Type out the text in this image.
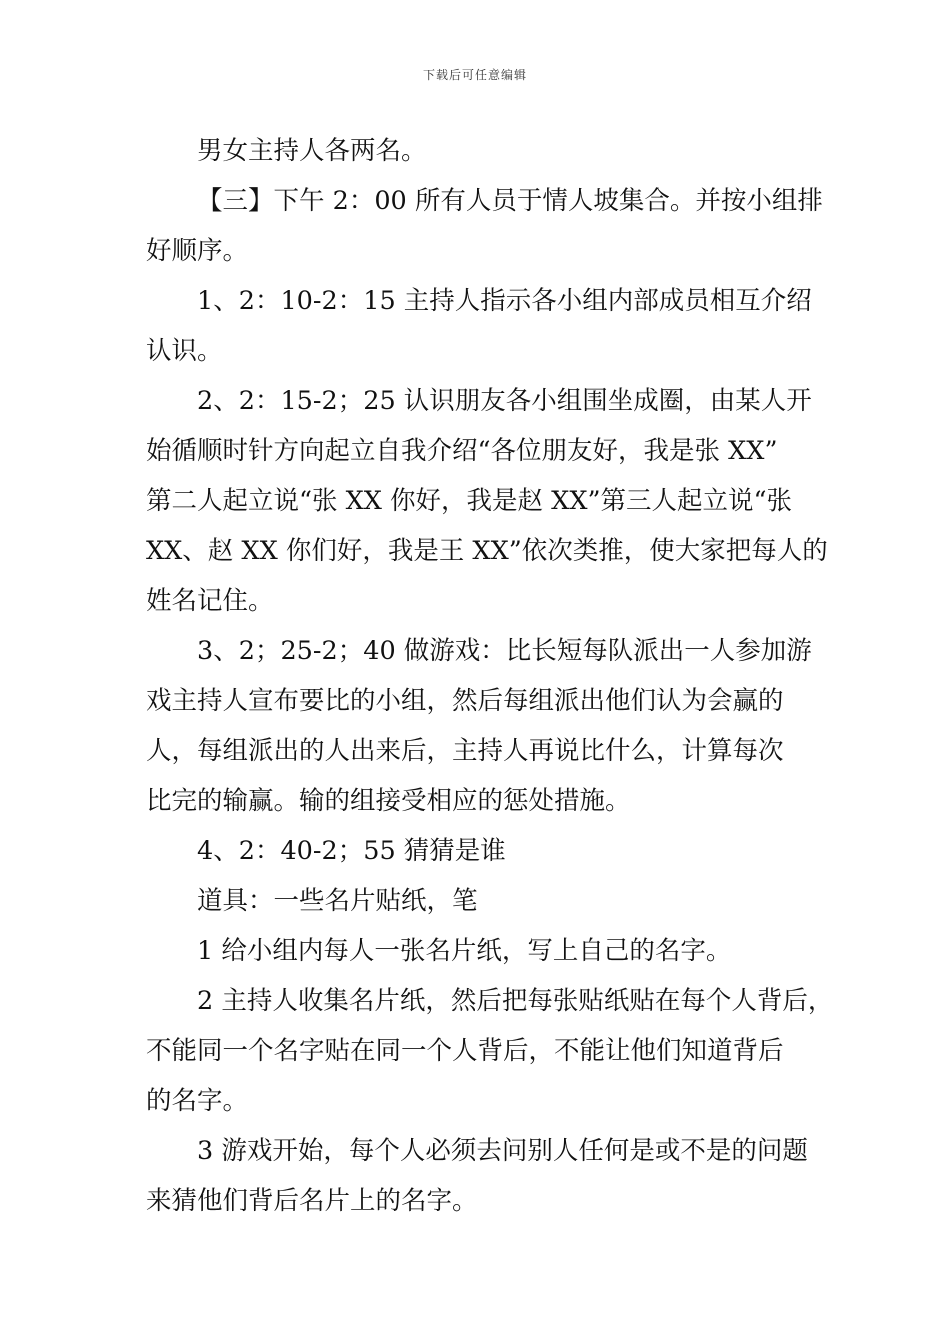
下载后可任意编辑
男女主持人各两名。
【三】下午 2：00 所有人员于情人坡集合。并按小组排
好顺序。
1、2：10-2：15 主持人指示各小组内部成员相互介绍
认识。
2、2：15-2；25 认识朋友各小组围坐成圈，由某人开
始循顺时针方向起立自我介绍“各位朋友好，我是张 XX”
第二人起立说“张 XX 你好，我是赵 XX”第三人起立说“张
XX、赵 XX 你们好，我是王 XX”依次类推，使大家把每人的
姓名记住。
3、2；25-2；40 做游戏：比长短每队派出一人参加游
戏主持人宣布要比的小组，然后每组派出他们认为会赢的
人，每组派出的人出来后，主持人再说比什么，计算每次
比完的输赢。输的组接受相应的惩处措施。
4、2：40-2；55 猜猜是谁
道具：一些名片贴纸，笔
1 给小组内每人一张名片纸，写上自己的名字。
2 主持人收集名片纸，然后把每张贴纸贴在每个人背后，
不能同一个名字贴在同一个人背后，不能让他们知道背后
的名字。
3 游戏开始，每个人必须去问别人任何是或不是的问题
来猜他们背后名片上的名字。
